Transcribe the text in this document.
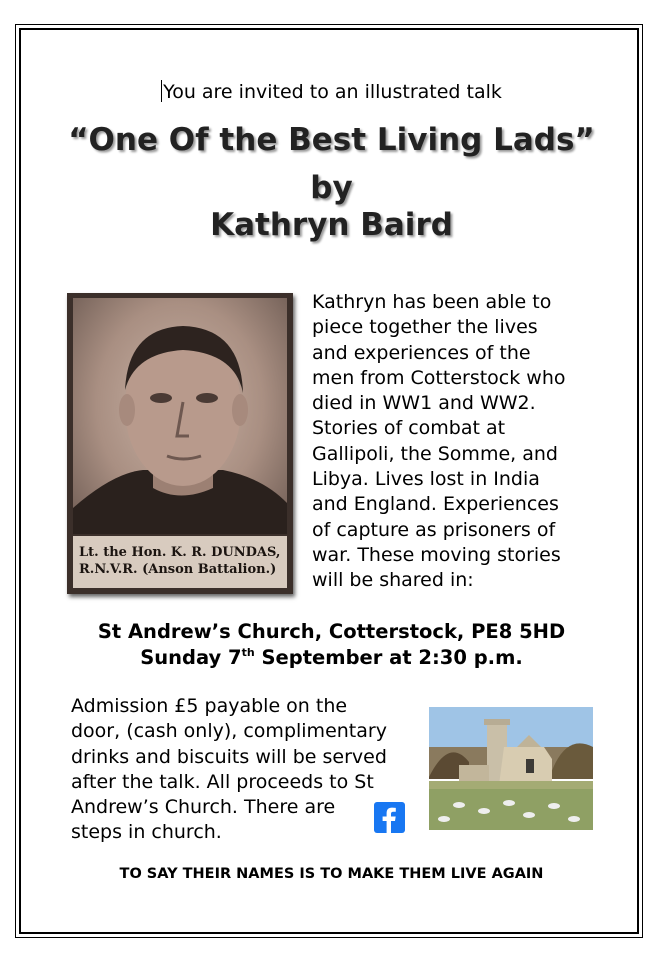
You are invited to an illustrated talk
“One Of the Best Living Lads”
by
Kathryn Baird
Lt. the Hon. K. R. DUNDAS,
R.N.V.R. (Anson Battalion.)
Kathryn has been able to
piece together the lives
and experiences of the
men from Cotterstock who
died in WW1 and WW2.
Stories of combat at
Gallipoli, the Somme, and
Libya. Lives lost in India
and England. Experiences
of capture as prisoners of
war. These moving stories
will be shared in:
St Andrew’s Church, Cotterstock, PE8 5HD
Sunday 7th September at 2:30 p.m.
Admission £5 payable on the
door, (cash only), complimentary
drinks and biscuits will be served
after the talk. All proceeds to St
Andrew’s Church. There are
steps in church.
TO SAY THEIR NAMES IS TO MAKE THEM LIVE AGAIN
